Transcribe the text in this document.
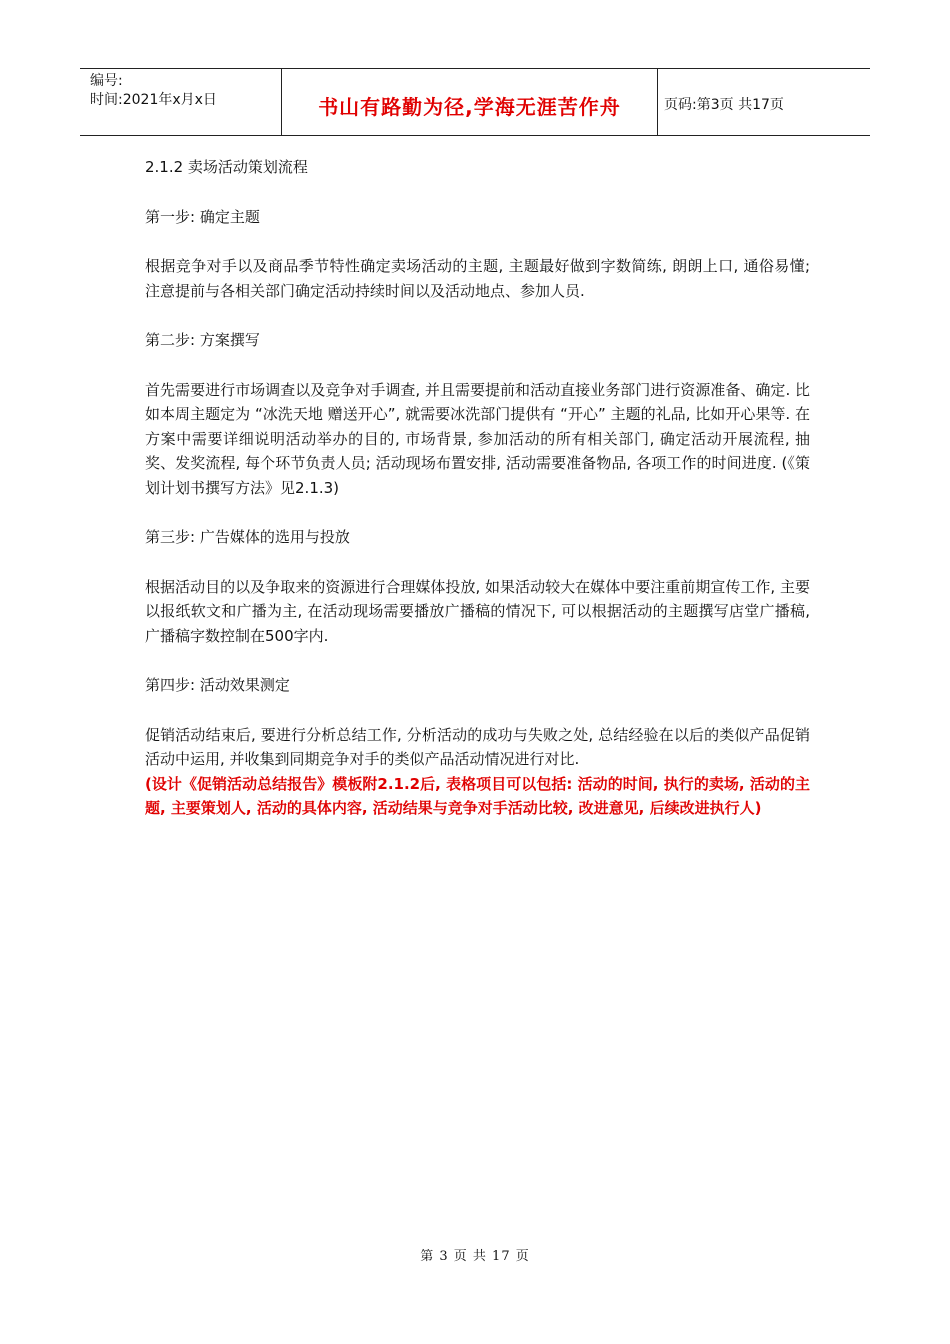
编号:
时间:2021年x月x日	书山有路勤为径,学海无涯苦作舟	页码:第3页 共17页

2.1.2 卖场活动策划流程

第一步: 确定主题

根据竞争对手以及商品季节特性确定卖场活动的主题, 主题最好做到字数简练, 朗朗上口, 通俗易懂; 注意提前与各相关部门确定活动持续时间以及活动地点、参加人员.

第二步: 方案撰写

首先需要进行市场调查以及竞争对手调查, 并且需要提前和活动直接业务部门进行资源准备、确定. 比如本周主题定为 “冰洗天地 赠送开心”, 就需要冰洗部门提供有 “开心” 主题的礼品, 比如开心果等. 在方案中需要详细说明活动举办的目的, 市场背景, 参加活动的所有相关部门, 确定活动开展流程, 抽奖、发奖流程, 每个环节负责人员; 活动现场布置安排, 活动需要准备物品, 各项工作的时间进度. (《策划计划书撰写方法》见2.1.3)

第三步: 广告媒体的选用与投放

根据活动目的以及争取来的资源进行合理媒体投放, 如果活动较大在媒体中要注重前期宣传工作, 主要以报纸软文和广播为主, 在活动现场需要播放广播稿的情况下, 可以根据活动的主题撰写店堂广播稿, 广播稿字数控制在500字内.

第四步: 活动效果测定

促销活动结束后, 要进行分析总结工作, 分析活动的成功与失败之处, 总结经验在以后的类似产品促销活动中运用, 并收集到同期竞争对手的类似产品活动情况进行对比.

(设计《促销活动总结报告》模板附2.1.2后, 表格项目可以包括: 活动的时间, 执行的卖场, 活动的主题, 主要策划人, 活动的具体内容, 活动结果与竞争对手活动比较, 改进意见, 后续改进执行人)

第 3 页 共 17 页
